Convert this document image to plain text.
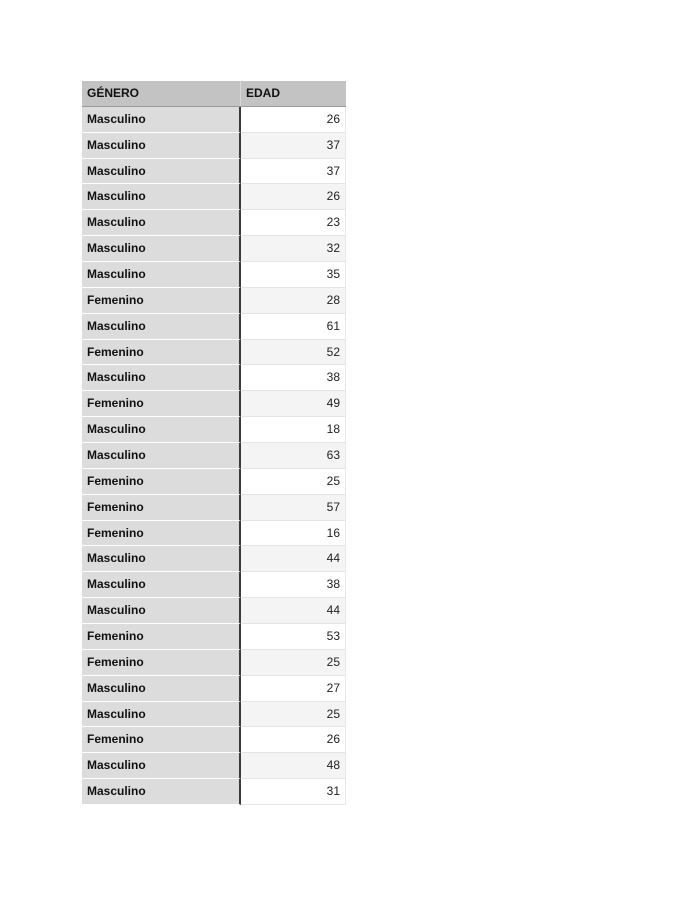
GÉNERO	EDAD
Masculino	26
Masculino	37
Masculino	37
Masculino	26
Masculino	23
Masculino	32
Masculino	35
Femenino	28
Masculino	61
Femenino	52
Masculino	38
Femenino	49
Masculino	18
Masculino	63
Femenino	25
Femenino	57
Femenino	16
Masculino	44
Masculino	38
Masculino	44
Femenino	53
Femenino	25
Masculino	27
Masculino	25
Femenino	26
Masculino	48
Masculino	31
